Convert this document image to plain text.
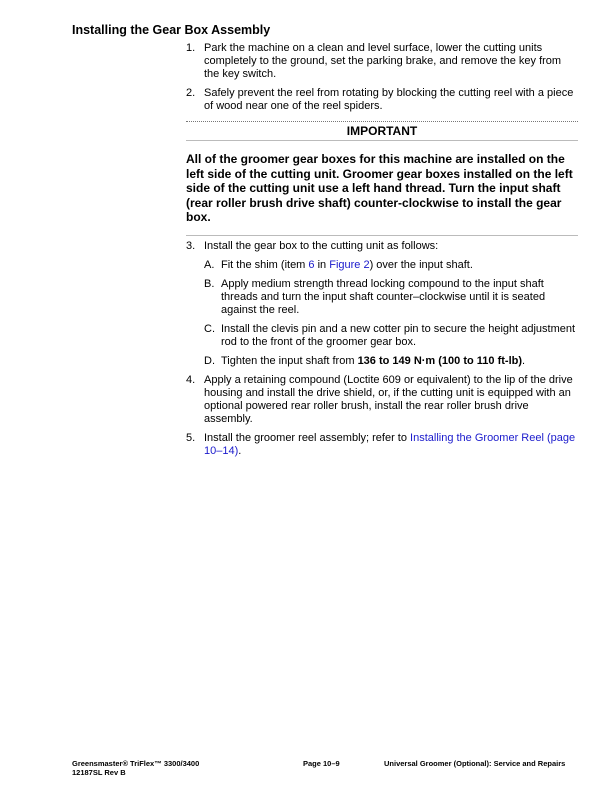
Installing the Gear Box Assembly
1. Park the machine on a clean and level surface, lower the cutting units completely to the ground, set the parking brake, and remove the key from the key switch.
2. Safely prevent the reel from rotating by blocking the cutting reel with a piece of wood near one of the reel spiders.
IMPORTANT
All of the groomer gear boxes for this machine are installed on the left side of the cutting unit. Groomer gear boxes installed on the left side of the cutting unit use a left hand thread. Turn the input shaft (rear roller brush drive shaft) counter-clockwise to install the gear box.
3. Install the gear box to the cutting unit as follows:
A. Fit the shim (item 6 in Figure 2) over the input shaft.
B. Apply medium strength thread locking compound to the input shaft threads and turn the input shaft counter–clockwise until it is seated against the reel.
C. Install the clevis pin and a new cotter pin to secure the height adjustment rod to the front of the groomer gear box.
D. Tighten the input shaft from 136 to 149 N·m (100 to 110 ft-lb).
4. Apply a retaining compound (Loctite 609 or equivalent) to the lip of the drive housing and install the drive shield, or, if the cutting unit is equipped with an optional powered rear roller brush, install the rear roller brush drive assembly.
5. Install the groomer reel assembly; refer to Installing the Groomer Reel (page 10–14).
Greensmaster® TriFlex™ 3300/3400
12187SL Rev B
Page 10–9	Universal Groomer (Optional): Service and Repairs
